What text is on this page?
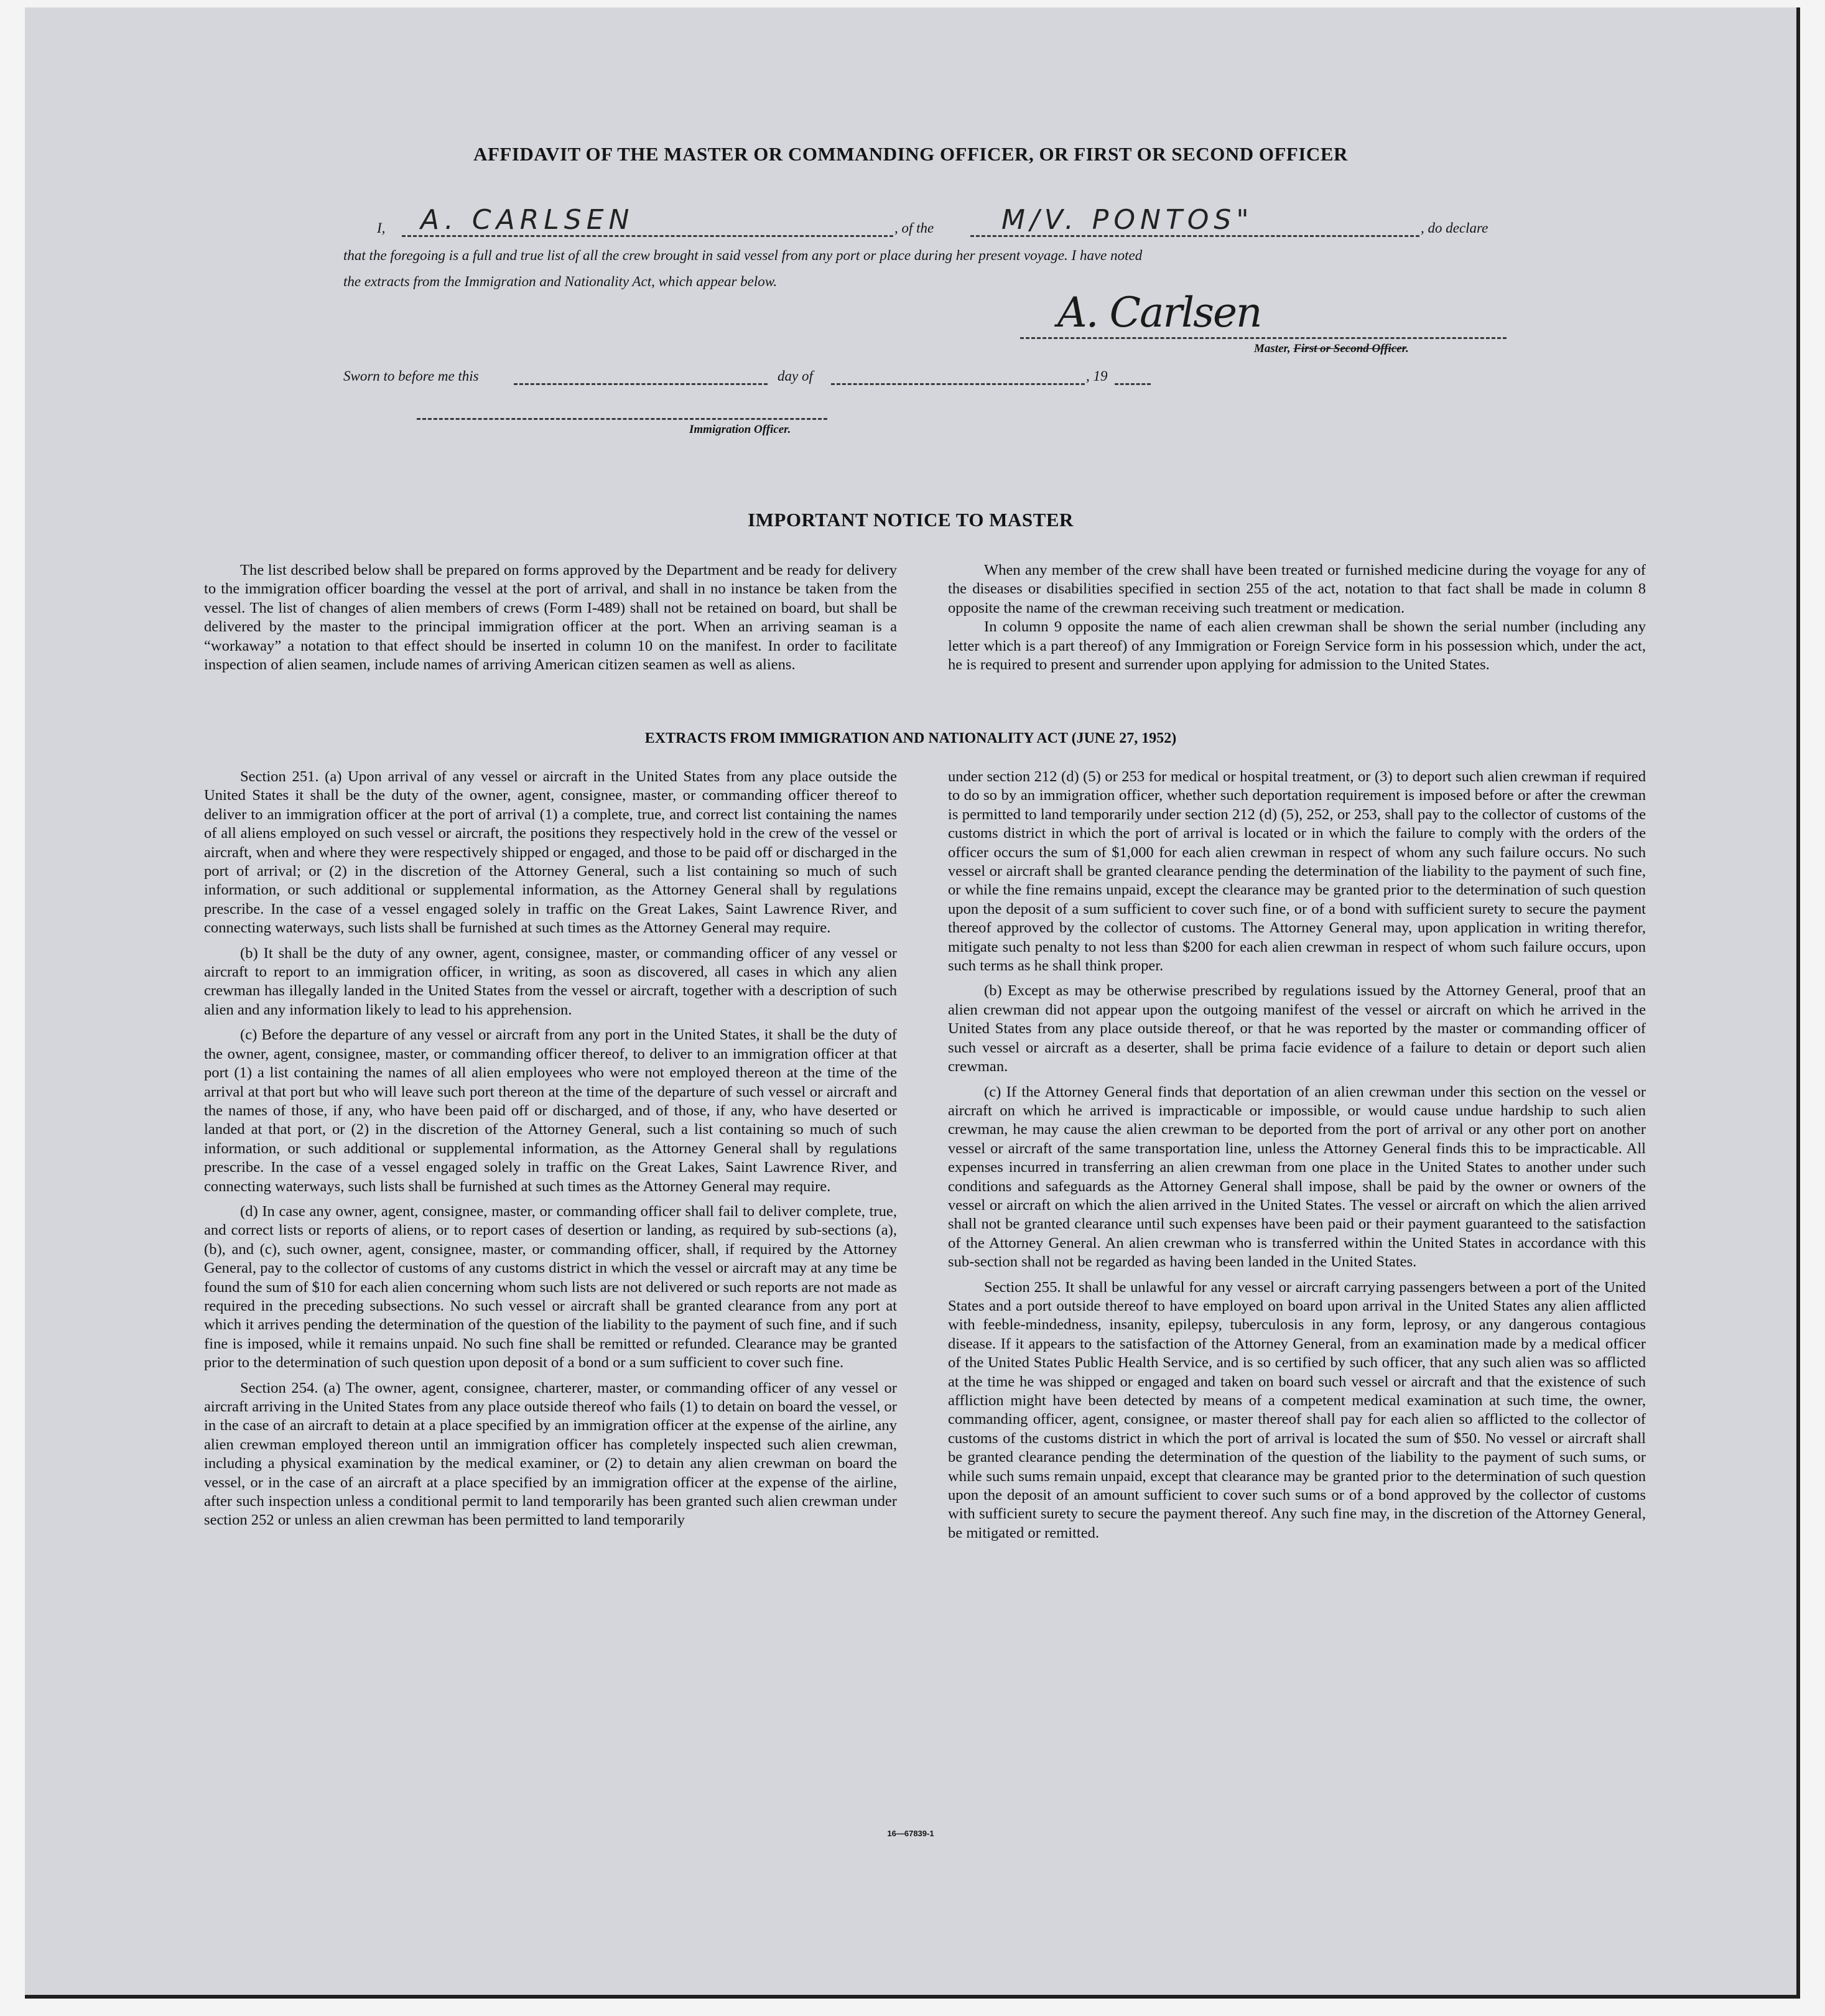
AFFIDAVIT OF THE MASTER OR COMMANDING OFFICER, OR FIRST OR SECOND OFFICER
I, A. CARLSEN	, of the M/V. PONTOS"	, do declare
that the foregoing is a full and true list of all the crew brought in said vessel from any port or place during her present voyage. I have noted
the extracts from the Immigration and Nationality Act, which appear below.
A. Carlsen
Master, First or Second Officer.
Sworn to before me this	day of	, 19
Immigration Officer.
IMPORTANT NOTICE TO MASTER

The list described below shall be prepared on forms approved by the Department and be ready for delivery to the immigration officer boarding the vessel at the port of arrival, and shall in no instance be taken from the vessel. The list of changes of alien members of crews (Form I-489) shall not be retained on board, but shall be delivered by the master to the principal immigration officer at the port. When an arriving seaman is a “workaway” a notation to that effect should be inserted in column 10 on the manifest. In order to facilitate inspection of alien seamen, include names of arriving American citizen seamen as well as aliens.

When any member of the crew shall have been treated or furnished medicine during the voyage for any of the diseases or disabilities specified in section 255 of the act, notation to that fact shall be made in column 8 opposite the name of the crewman receiving such treatment or medication.

In column 9 opposite the name of each alien crewman shall be shown the serial number (including any letter which is a part thereof) of any Immigration or Foreign Service form in his possession which, under the act, he is required to present and surrender upon applying for admission to the United States.

EXTRACTS FROM IMMIGRATION AND NATIONALITY ACT (JUNE 27, 1952)

Section 251. (a) Upon arrival of any vessel or aircraft in the United States from any place outside the United States it shall be the duty of the owner, agent, consignee, master, or commanding officer thereof to deliver to an immigration officer at the port of arrival (1) a complete, true, and correct list containing the names of all aliens employed on such vessel or aircraft, the positions they respectively hold in the crew of the vessel or aircraft, when and where they were respectively shipped or engaged, and those to be paid off or discharged in the port of arrival; or (2) in the discretion of the Attorney General, such a list containing so much of such information, or such additional or supplemental information, as the Attorney General shall by regulations prescribe. In the case of a vessel engaged solely in traffic on the Great Lakes, Saint Lawrence River, and connecting waterways, such lists shall be furnished at such times as the Attorney General may require.

(b) It shall be the duty of any owner, agent, consignee, master, or commanding officer of any vessel or aircraft to report to an immigration officer, in writing, as soon as discovered, all cases in which any alien crewman has illegally landed in the United States from the vessel or aircraft, together with a description of such alien and any information likely to lead to his apprehension.

(c) Before the departure of any vessel or aircraft from any port in the United States, it shall be the duty of the owner, agent, consignee, master, or commanding officer thereof, to deliver to an immigration officer at that port (1) a list containing the names of all alien employees who were not employed thereon at the time of the arrival at that port but who will leave such port thereon at the time of the departure of such vessel or aircraft and the names of those, if any, who have been paid off or discharged, and of those, if any, who have deserted or landed at that port, or (2) in the discretion of the Attorney General, such a list containing so much of such information, or such additional or supplemental information, as the Attorney General shall by regulations prescribe. In the case of a vessel engaged solely in traffic on the Great Lakes, Saint Lawrence River, and connecting waterways, such lists shall be furnished at such times as the Attorney General may require.

(d) In case any owner, agent, consignee, master, or commanding officer shall fail to deliver complete, true, and correct lists or reports of aliens, or to report cases of desertion or landing, as required by sub-sections (a), (b), and (c), such owner, agent, consignee, master, or commanding officer, shall, if required by the Attorney General, pay to the collector of customs of any customs district in which the vessel or aircraft may at any time be found the sum of $10 for each alien concerning whom such lists are not delivered or such reports are not made as required in the preceding subsections. No such vessel or aircraft shall be granted clearance from any port at which it arrives pending the determination of the question of the liability to the payment of such fine, and if such fine is imposed, while it remains unpaid. No such fine shall be remitted or refunded. Clearance may be granted prior to the determination of such question upon deposit of a bond or a sum sufficient to cover such fine.

Section 254. (a) The owner, agent, consignee, charterer, master, or commanding officer of any vessel or aircraft arriving in the United States from any place outside thereof who fails (1) to detain on board the vessel, or in the case of an aircraft to detain at a place specified by an immigration officer at the expense of the airline, any alien crewman employed thereon until an immigration officer has completely inspected such alien crewman, including a physical examination by the medical examiner, or (2) to detain any alien crewman on board the vessel, or in the case of an aircraft at a place specified by an immigration officer at the expense of the airline, after such inspection unless a conditional permit to land temporarily has been granted such alien crewman under section 252 or unless an alien crewman has been permitted to land temporarily

under section 212 (d) (5) or 253 for medical or hospital treatment, or (3) to deport such alien crewman if required to do so by an immigration officer, whether such deportation requirement is imposed before or after the crewman is permitted to land temporarily under section 212 (d) (5), 252, or 253, shall pay to the collector of customs of the customs district in which the port of arrival is located or in which the failure to comply with the orders of the officer occurs the sum of $1,000 for each alien crewman in respect of whom any such failure occurs. No such vessel or aircraft shall be granted clearance pending the determination of the liability to the payment of such fine, or while the fine remains unpaid, except the clearance may be granted prior to the determination of such question upon the deposit of a sum sufficient to cover such fine, or of a bond with sufficient surety to secure the payment thereof approved by the collector of customs. The Attorney General may, upon application in writing therefor, mitigate such penalty to not less than $200 for each alien crewman in respect of whom such failure occurs, upon such terms as he shall think proper.

(b) Except as may be otherwise prescribed by regulations issued by the Attorney General, proof that an alien crewman did not appear upon the outgoing manifest of the vessel or aircraft on which he arrived in the United States from any place outside thereof, or that he was reported by the master or commanding officer of such vessel or aircraft as a deserter, shall be prima facie evidence of a failure to detain or deport such alien crewman.

(c) If the Attorney General finds that deportation of an alien crewman under this section on the vessel or aircraft on which he arrived is impracticable or impossible, or would cause undue hardship to such alien crewman, he may cause the alien crewman to be deported from the port of arrival or any other port on another vessel or aircraft of the same transportation line, unless the Attorney General finds this to be impracticable. All expenses incurred in transferring an alien crewman from one place in the United States to another under such conditions and safeguards as the Attorney General shall impose, shall be paid by the owner or owners of the vessel or aircraft on which the alien arrived in the United States. The vessel or aircraft on which the alien arrived shall not be granted clearance until such expenses have been paid or their payment guaranteed to the satisfaction of the Attorney General. An alien crewman who is transferred within the United States in accordance with this sub-section shall not be regarded as having been landed in the United States.

Section 255. It shall be unlawful for any vessel or aircraft carrying passengers between a port of the United States and a port outside thereof to have employed on board upon arrival in the United States any alien afflicted with feeble-mindedness, insanity, epilepsy, tuberculosis in any form, leprosy, or any dangerous contagious disease. If it appears to the satisfaction of the Attorney General, from an examination made by a medical officer of the United States Public Health Service, and is so certified by such officer, that any such alien was so afflicted at the time he was shipped or engaged and taken on board such vessel or aircraft and that the existence of such affliction might have been detected by means of a competent medical examination at such time, the owner, commanding officer, agent, consignee, or master thereof shall pay for each alien so afflicted to the collector of customs of the customs district in which the port of arrival is located the sum of $50. No vessel or aircraft shall be granted clearance pending the determination of the question of the liability to the payment of such sums, or while such sums remain unpaid, except that clearance may be granted prior to the determination of such question upon the deposit of an amount sufficient to cover such sums or of a bond approved by the collector of customs with sufficient surety to secure the payment thereof. Any such fine may, in the discretion of the Attorney General, be mitigated or remitted.

16—67839-1
